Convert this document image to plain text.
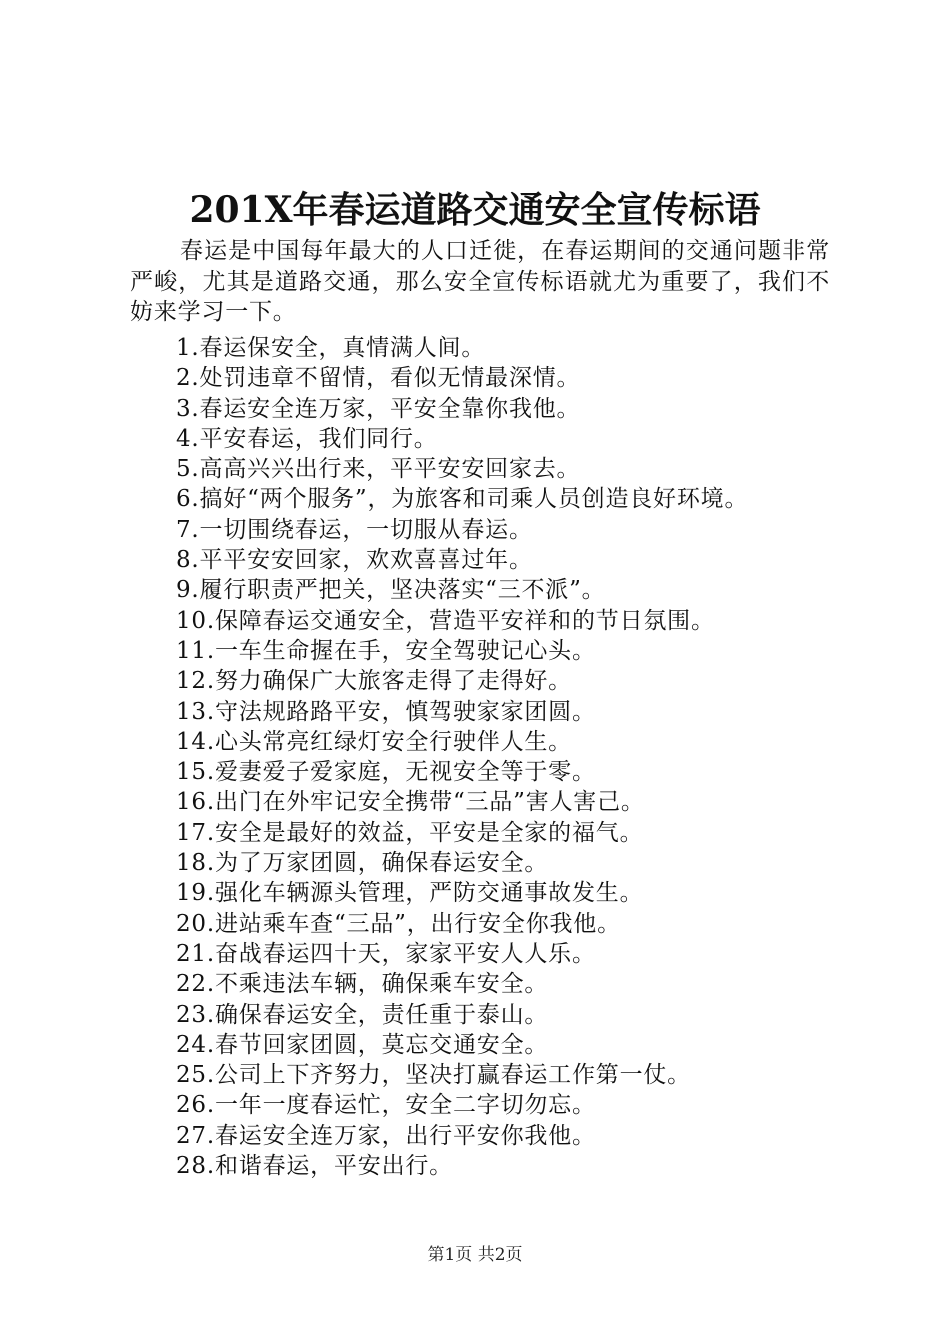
201X年春运道路交通安全宣传标语

春运是中国每年最大的人口迁徙，在春运期间的交通问题非常严峻，尤其是道路交通，那么安全宣传标语就尤为重要了，我们不妨来学习一下。

1.春运保安全，真情满人间。
2.处罚违章不留情，看似无情最深情。
3.春运安全连万家，平安全靠你我他。
4.平安春运，我们同行。
5.高高兴兴出行来，平平安安回家去。
6.搞好“两个服务”，为旅客和司乘人员创造良好环境。
7.一切围绕春运，一切服从春运。
8.平平安安回家，欢欢喜喜过年。
9.履行职责严把关，坚决落实“三不派”。
10.保障春运交通安全，营造平安祥和的节日氛围。
11.一车生命握在手，安全驾驶记心头。
12.努力确保广大旅客走得了走得好。
13.守法规路路平安，慎驾驶家家团圆。
14.心头常亮红绿灯安全行驶伴人生。
15.爱妻爱子爱家庭，无视安全等于零。
16.出门在外牢记安全携带“三品”害人害己。
17.安全是最好的效益，平安是全家的福气。
18.为了万家团圆，确保春运安全。
19.强化车辆源头管理，严防交通事故发生。
20.进站乘车查“三品”，出行安全你我他。
21.奋战春运四十天，家家平安人人乐。
22.不乘违法车辆，确保乘车安全。
23.确保春运安全，责任重于泰山。
24.春节回家团圆，莫忘交通安全。
25.公司上下齐努力，坚决打赢春运工作第一仗。
26.一年一度春运忙，安全二字切勿忘。
27.春运安全连万家，出行平安你我他。
28.和谐春运，平安出行。
第1页 共2页
